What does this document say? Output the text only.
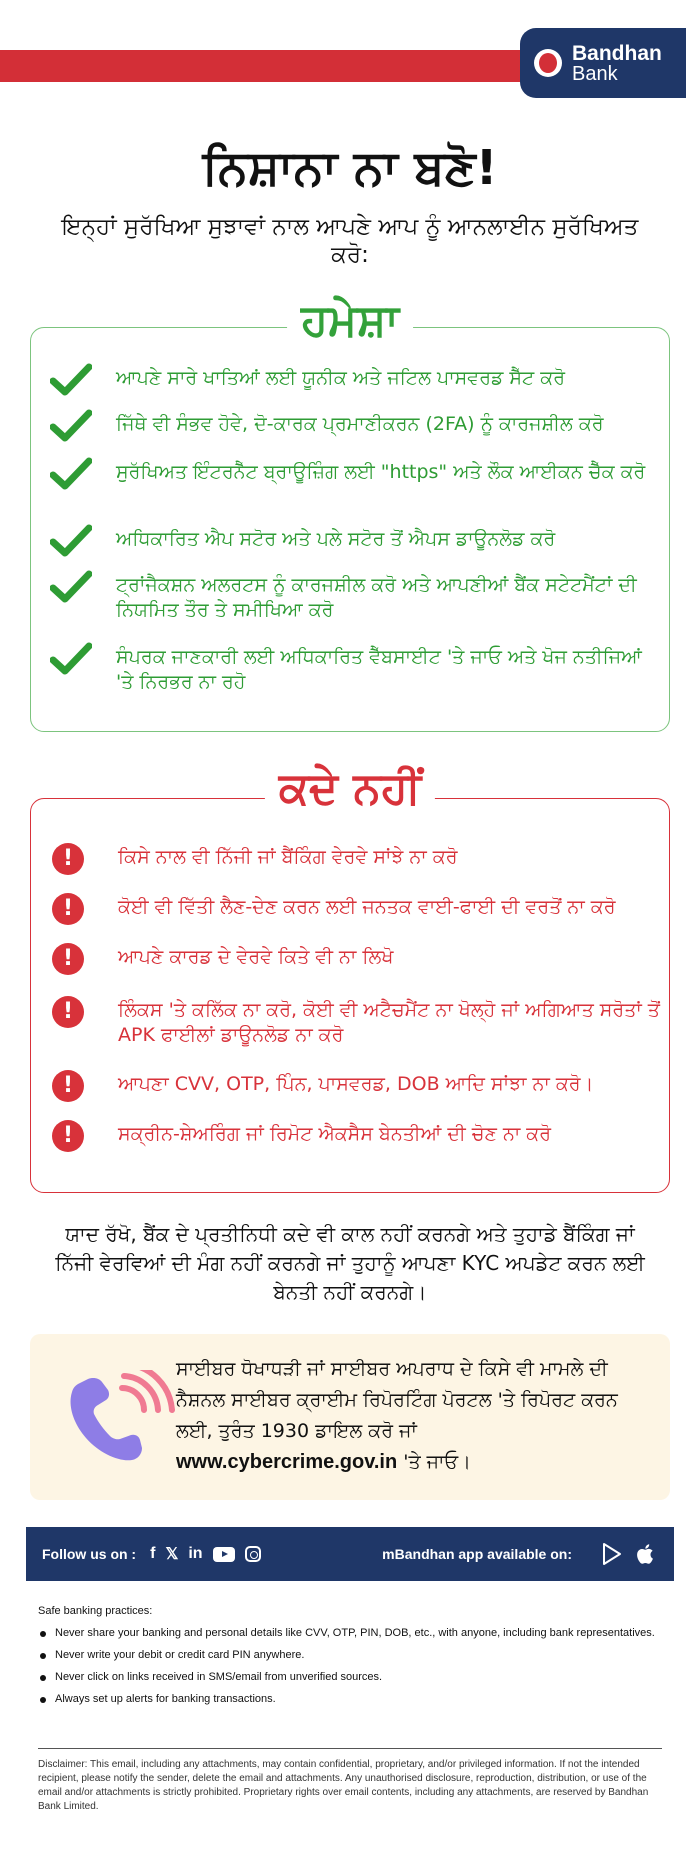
Bandhan
Bank
ਨਿਸ਼ਾਨਾ ਨਾ ਬਣੋ!
ਇਨ੍ਹਾਂ ਸੁਰੱਖਿਆ ਸੁਝਾਵਾਂ ਨਾਲ ਆਪਣੇ ਆਪ ਨੂੰ ਆਨਲਾਈਨ ਸੁਰੱਖਿਅਤ ਕਰੋ:
ਹਮੇਸ਼ਾ
ਆਪਣੇ ਸਾਰੇ ਖਾਤਿਆਂ ਲਈ ਯੂਨੀਕ ਅਤੇ ਜਟਿਲ ਪਾਸਵਰਡ ਸੈੱਟ ਕਰੋ
ਜਿੱਥੇ ਵੀ ਸੰਭਵ ਹੋਵੇ, ਦੋ-ਕਾਰਕ ਪ੍ਰਮਾਣੀਕਰਨ (2FA) ਨੂੰ ਕਾਰਜਸ਼ੀਲ ਕਰੋ
ਸੁਰੱਖਿਅਤ ਇੰਟਰਨੈੱਟ ਬ੍ਰਾਊਜ਼ਿੰਗ ਲਈ "https" ਅਤੇ ਲੌਕ ਆਈਕਨ ਚੈੱਕ ਕਰੋ
ਅਧਿਕਾਰਿਤ ਐਪ ਸਟੋਰ ਅਤੇ ਪਲੇ ਸਟੋਰ ਤੋਂ ਐਪਸ ਡਾਊਨਲੋਡ ਕਰੋ
ਟ੍ਰਾਂਜੈਕਸ਼ਨ ਅਲਰਟਸ ਨੂੰ ਕਾਰਜਸ਼ੀਲ ਕਰੋ ਅਤੇ ਆਪਣੀਆਂ ਬੈਂਕ ਸਟੇਟਮੈਂਟਾਂ ਦੀ ਨਿਯਮਿਤ ਤੌਰ ਤੇ ਸਮੀਖਿਆ ਕਰੋ
ਸੰਪਰਕ ਜਾਣਕਾਰੀ ਲਈ ਅਧਿਕਾਰਿਤ ਵੈੱਬਸਾਈਟ 'ਤੇ ਜਾਓ ਅਤੇ ਖੋਜ ਨਤੀਜਿਆਂ 'ਤੇ ਨਿਰਭਰ ਨਾ ਰਹੋ
ਕਦੇ ਨਹੀਂ
!	ਕਿਸੇ ਨਾਲ ਵੀ ਨਿੱਜੀ ਜਾਂ ਬੈਂਕਿੰਗ ਵੇਰਵੇ ਸਾਂਝੇ ਨਾ ਕਰੋ
!	ਕੋਈ ਵੀ ਵਿੱਤੀ ਲੈਣ-ਦੇਣ ਕਰਨ ਲਈ ਜਨਤਕ ਵਾਈ-ਫਾਈ ਦੀ ਵਰਤੋਂ ਨਾ ਕਰੋ
!	ਆਪਣੇ ਕਾਰਡ ਦੇ ਵੇਰਵੇ ਕਿਤੇ ਵੀ ਨਾ ਲਿਖੋ
!	ਲਿੰਕਸ 'ਤੇ ਕਲਿੱਕ ਨਾ ਕਰੋ, ਕੋਈ ਵੀ ਅਟੈਚਮੈਂਟ ਨਾ ਖੋਲ੍ਹੋ ਜਾਂ ਅਗਿਆਤ ਸਰੋਤਾਂ ਤੋਂ APK ਫਾਈਲਾਂ ਡਾਊਨਲੋਡ ਨਾ ਕਰੋ
!	ਆਪਣਾ CVV, OTP, ਪਿੰਨ, ਪਾਸਵਰਡ, DOB ਆਦਿ ਸਾਂਝਾ ਨਾ ਕਰੋ।
!	ਸਕ੍ਰੀਨ-ਸ਼ੇਅਰਿੰਗ ਜਾਂ ਰਿਮੋਟ ਐਕਸੈਸ ਬੇਨਤੀਆਂ ਦੀ ਚੋਣ ਨਾ ਕਰੋ
ਯਾਦ ਰੱਖੋ, ਬੈਂਕ ਦੇ ਪ੍ਰਤੀਨਿਧੀ ਕਦੇ ਵੀ ਕਾਲ ਨਹੀਂ ਕਰਨਗੇ ਅਤੇ ਤੁਹਾਡੇ ਬੈਂਕਿੰਗ ਜਾਂ ਨਿੱਜੀ ਵੇਰਵਿਆਂ ਦੀ ਮੰਗ ਨਹੀਂ ਕਰਨਗੇ ਜਾਂ ਤੁਹਾਨੂੰ ਆਪਣਾ KYC ਅਪਡੇਟ ਕਰਨ ਲਈ ਬੇਨਤੀ ਨਹੀਂ ਕਰਨਗੇ।
ਸਾਈਬਰ ਧੋਖਾਧੜੀ ਜਾਂ ਸਾਈਬਰ ਅਪਰਾਧ ਦੇ ਕਿਸੇ ਵੀ ਮਾਮਲੇ ਦੀ ਨੈਸ਼ਨਲ ਸਾਈਬਰ ਕ੍ਰਾਈਮ ਰਿਪੋਰਟਿੰਗ ਪੋਰਟਲ 'ਤੇ ਰਿਪੋਰਟ ਕਰਨ ਲਈ, ਤੁਰੰਤ 1930 ਡਾਇਲ ਕਰੋ ਜਾਂ
www.cybercrime.gov.in 'ਤੇ ਜਾਓ।
Follow us on : f 𝕏 in	mBandhan app available on:
Safe banking practices:
Never share your banking and personal details like CVV, OTP, PIN, DOB, etc., with anyone, including bank representatives.
Never write your debit or credit card PIN anywhere.
Never click on links received in SMS/email from unverified sources.
Always set up alerts for banking transactions.
Disclaimer: This email, including any attachments, may contain confidential, proprietary, and/or privileged information. If not the intended recipient, please notify the sender, delete the email and attachments. Any unauthorised disclosure, reproduction, distribution, or use of the email and/or attachments is strictly prohibited. Proprietary rights over email contents, including any attachments, are reserved by Bandhan Bank Limited.
